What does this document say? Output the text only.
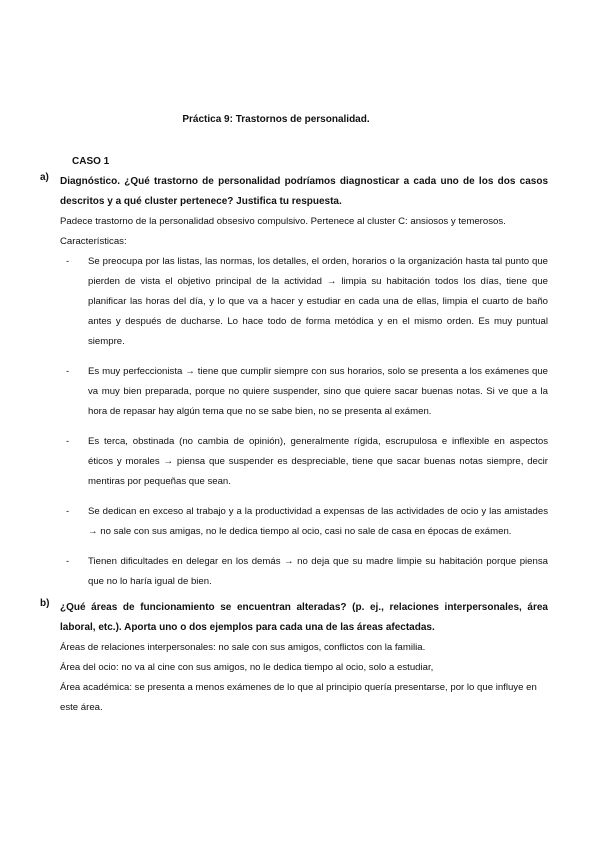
Práctica 9: Trastornos de personalidad.
CASO 1
a) Diagnóstico. ¿Qué trastorno de personalidad podríamos diagnosticar a cada uno de los dos casos descritos y a qué cluster pertenece? Justifica tu respuesta.

Padece trastorno de la personalidad obsesivo compulsivo. Pertenece al cluster C: ansiosos y temerosos.

Características:

- Se preocupa por las listas, las normas, los detalles, el orden, horarios o la organización hasta tal punto que pierden de vista el objetivo principal de la actividad → limpia su habitación todos los días, tiene que planificar las horas del día, y lo que va a hacer y estudiar en cada una de ellas, limpia el cuarto de baño antes y después de ducharse. Lo hace todo de forma metódica y en el mismo orden. Es muy puntual siempre.
- Es muy perfeccionista → tiene que cumplir siempre con sus horarios, solo se presenta a los exámenes que va muy bien preparada, porque no quiere suspender, sino que quiere sacar buenas notas. Si ve que a la hora de repasar hay algún tema que no se sabe bien, no se presenta al exámen.
- Es terca, obstinada (no cambia de opinión), generalmente rígida, escrupulosa e inflexible en aspectos éticos y morales → piensa que suspender es despreciable, tiene que sacar buenas notas siempre, decir mentiras por pequeñas que sean.
- Se dedican en exceso al trabajo y a la productividad a expensas de las actividades de ocio y las amistades → no sale con sus amigas, no le dedica tiempo al ocio, casi no sale de casa en épocas de exámen.
- Tienen dificultades en delegar en los demás → no deja que su madre limpie su habitación porque piensa que no lo haría igual de bien.
b) ¿Qué áreas de funcionamiento se encuentran alteradas? (p. ej., relaciones interpersonales, área laboral, etc.). Aporta uno o dos ejemplos para cada una de las áreas afectadas.

Áreas de relaciones interpersonales: no sale con sus amigos, conflictos con la familia.

Área del ocio: no va al cine con sus amigos, no le dedica tiempo al ocio, solo a estudiar,

Área académica: se presenta a menos exámenes de lo que al principio quería presentarse, por lo que influye en este área.
